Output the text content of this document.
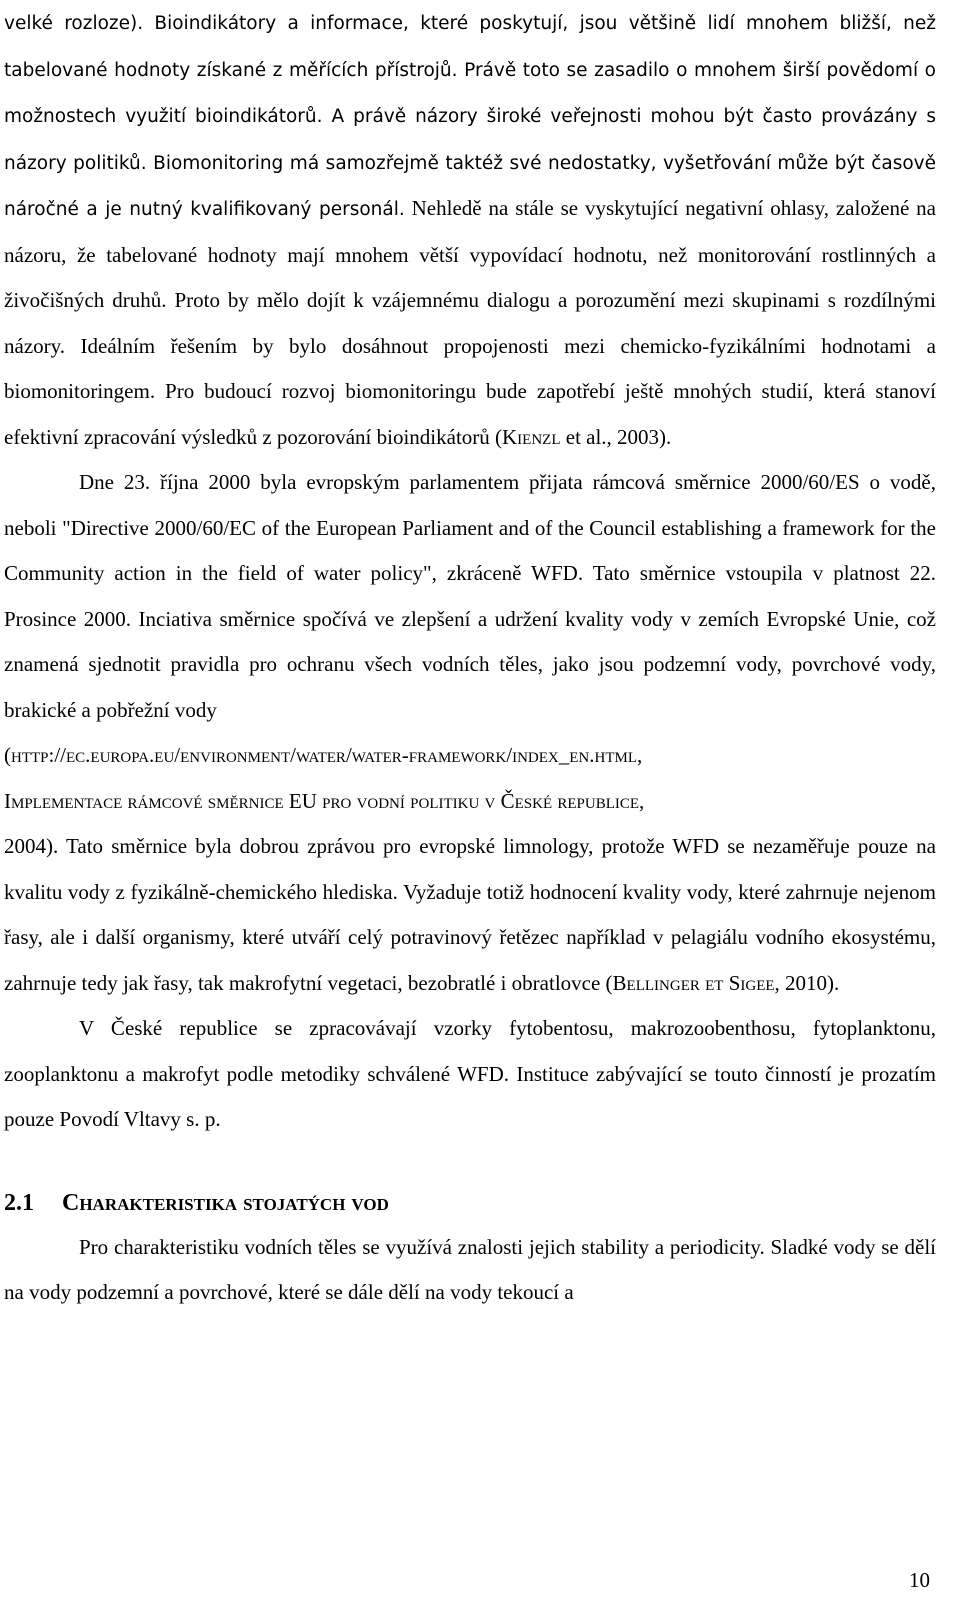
velké rozloze). Bioindikátory a informace, které poskytují, jsou většině lidí mnohem bližší, než tabelované hodnoty získané z měřících přístrojů. Právě toto se zasadilo o mnohem širší povědomí o možnostech využití bioindikátorů. A právě názory široké veřejnosti mohou být často provázány s názory politiků. Biomonitoring má samozřejmě taktéž své nedostatky, vyšetřování může být časově náročné a je nutný kvalifikovaný personál. Nehledě na stále se vyskytující negativní ohlasy, založené na názoru, že tabelované hodnoty mají mnohem větší vypovídací hodnotu, než monitorování rostlinných a živočišných druhů. Proto by mělo dojít k vzájemnému dialogu a porozumění mezi skupinami s rozdílnými názory. Ideálním řešením by bylo dosáhnout propojenosti mezi chemicko-fyzikálními hodnotami a biomonitoringem. Pro budoucí rozvoj biomonitoringu bude zapotřebí ještě mnohých studií, která stanoví efektivní zpracování výsledků z pozorování bioindikátorů (Kienzl et al., 2003).

Dne 23. října 2000 byla evropským parlamentem přijata rámcová směrnice 2000/60/ES o vodě, neboli "Directive 2000/60/EC of the European Parliament and of the Council establishing a framework for the Community action in the field of water policy", zkráceně WFD. Tato směrnice vstoupila v platnost 22. Prosince 2000. Inciativa směrnice spočívá ve zlepšení a udržení kvality vody v zemích Evropské Unie, což znamená sjednotit pravidla pro ochranu všech vodních těles, jako jsou podzemní vody, povrchové vody, brakické a pobřežní vody
(http://ec.europa.eu/environment/water/water-framework/index_en.html,
Implementace rámcové směrnice EU pro vodní politiku v České republice,
2004). Tato směrnice byla dobrou zprávou pro evropské limnology, protože WFD se nezaměřuje pouze na kvalitu vody z fyzikálně-chemického hlediska. Vyžaduje totiž hodnocení kvality vody, které zahrnuje nejenom řasy, ale i další organismy, které utváří celý potravinový řetězec například v pelagiálu vodního ekosystému, zahrnuje tedy jak řasy, tak makrofytní vegetaci, bezobratlé i obratlovce (Bellinger et Sigee, 2010).

V České republice se zpracovávají vzorky fytobentosu, makrozoobenthosu, fytoplanktonu, zooplanktonu a makrofyt podle metodiky schválené WFD. Instituce zabývající se touto činností je prozatím pouze Povodí Vltavy s. p.

2.1 Charakteristika stojatých vod

Pro charakteristiku vodních těles se využívá znalosti jejich stability a periodicity. Sladké vody se dělí na vody podzemní a povrchové, které se dále dělí na vody tekoucí a

10
